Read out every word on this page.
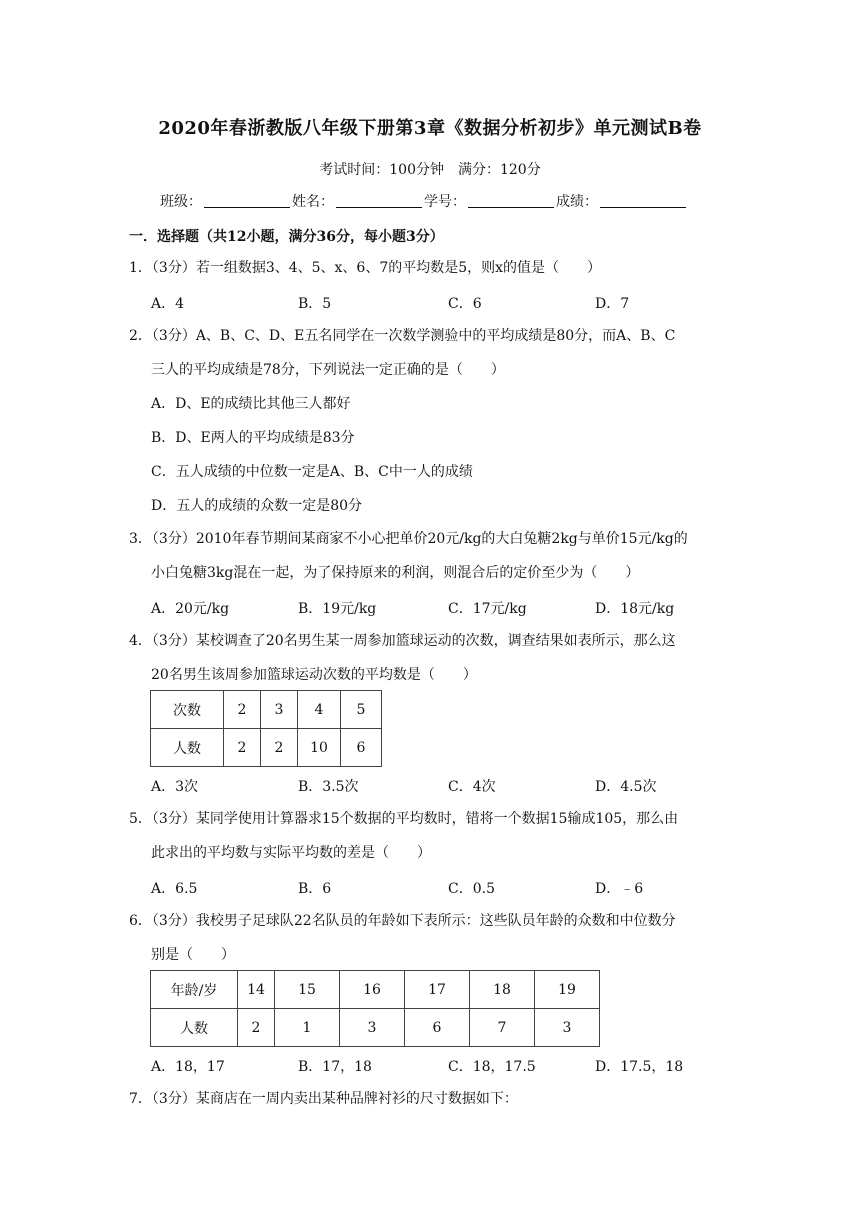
2020年春浙教版八年级下册第3章《数据分析初步》单元测试B卷
考试时间：100分钟　满分：120分
班级：	姓名：	学号：	成绩：
一．选择题（共12小题，满分36分，每小题3分）
1．（3分）若一组数据3、4、5、x、6、7的平均数是5，则x的值是（　　）
A．4	B．5	C．6	D．7
2．（3分）A、B、C、D、E五名同学在一次数学测验中的平均成绩是80分，而A、B、C
三人的平均成绩是78分，下列说法一定正确的是（　　）
A．D、E的成绩比其他三人都好
B．D、E两人的平均成绩是83分
C．五人成绩的中位数一定是A、B、C中一人的成绩
D．五人的成绩的众数一定是80分
3．（3分）2010年春节期间某商家不小心把单价20元/kg的大白兔糖2kg与单价15元/kg的
小白兔糖3kg混在一起，为了保持原来的利润，则混合后的定价至少为（　　）
A．20元/kg	B．19元/kg	C．17元/kg	D．18元/kg
4．（3分）某校调查了20名男生某一周参加篮球运动的次数，调查结果如表所示，那么这
20名男生该周参加篮球运动次数的平均数是（　　）
次数	2	3	4	5
人数	2	2	10	6
A．3次	B．3.5次	C．4次	D．4.5次
5．（3分）某同学使用计算器求15个数据的平均数时，错将一个数据15输成105，那么由
此求出的平均数与实际平均数的差是（　　）
A．6.5	B．6	C．0.5	D．﹣6
6．（3分）我校男子足球队22名队员的年龄如下表所示：这些队员年龄的众数和中位数分
别是（　　）
年龄/岁	14	15	16	17	18	19
人数	2	1	3	6	7	3
A．18，17	B．17，18	C．18，17.5	D．17.5，18
7．（3分）某商店在一周内卖出某种品牌衬衫的尺寸数据如下：
